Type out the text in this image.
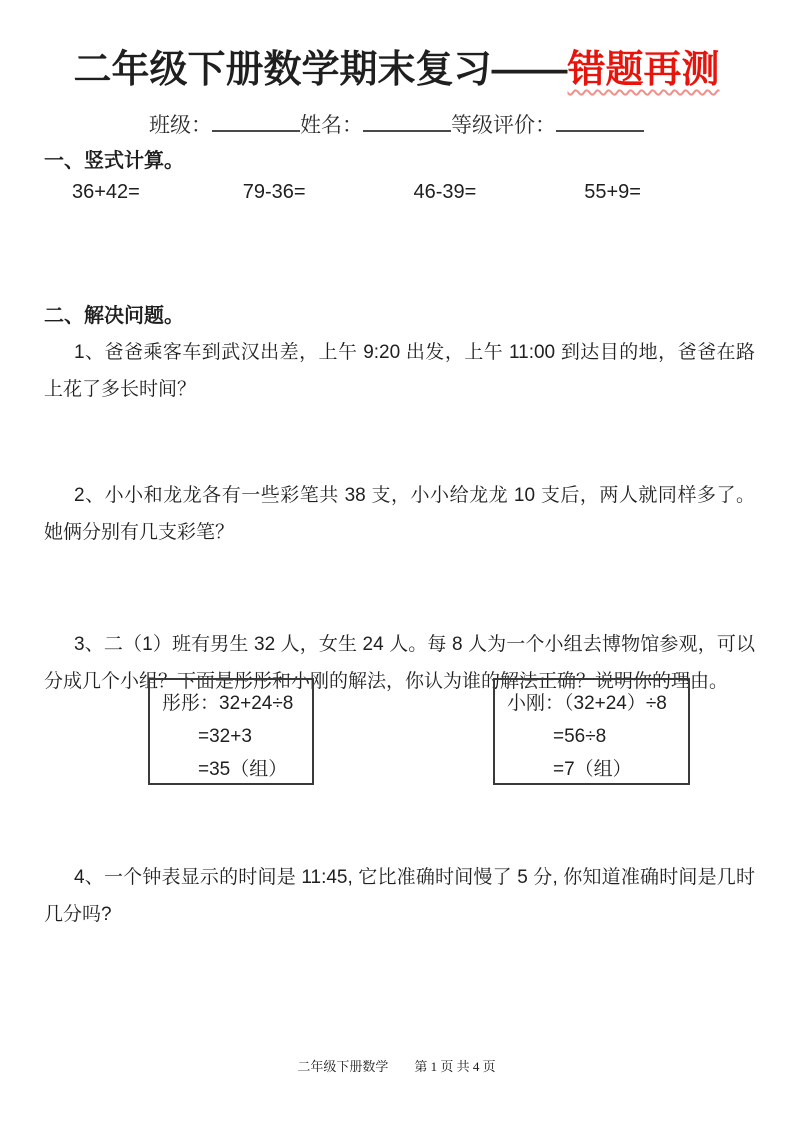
二年级下册数学期末复习——错题再测
班级：	姓名：	等级评价：
一、竖式计算。
36+42=	79-36=	46-39=	55+9=
二、解决问题。
1、爸爸乘客车到武汉出差，上午 9:20 出发，上午 11:00 到达目的地，爸爸在路上花了多长时间？
2、小小和龙龙各有一些彩笔共 38 支，小小给龙龙 10 支后，两人就同样多了。她俩分别有几支彩笔？
3、二（1）班有男生 32 人，女生 24 人。每 8 人为一个小组去博物馆参观，可以分成几个小组？下面是彤彤和小刚的解法，你认为谁的解法正确？说明你的理由。
彤彤：32+24÷8
=32+3
=35（组）
小刚：（32+24）÷8
=56÷8
=7（组）
4、一个钟表显示的时间是 11:45, 它比准确时间慢了 5 分, 你知道准确时间是几时几分吗?
二年级下册数学 第 1 页 共 4 页
